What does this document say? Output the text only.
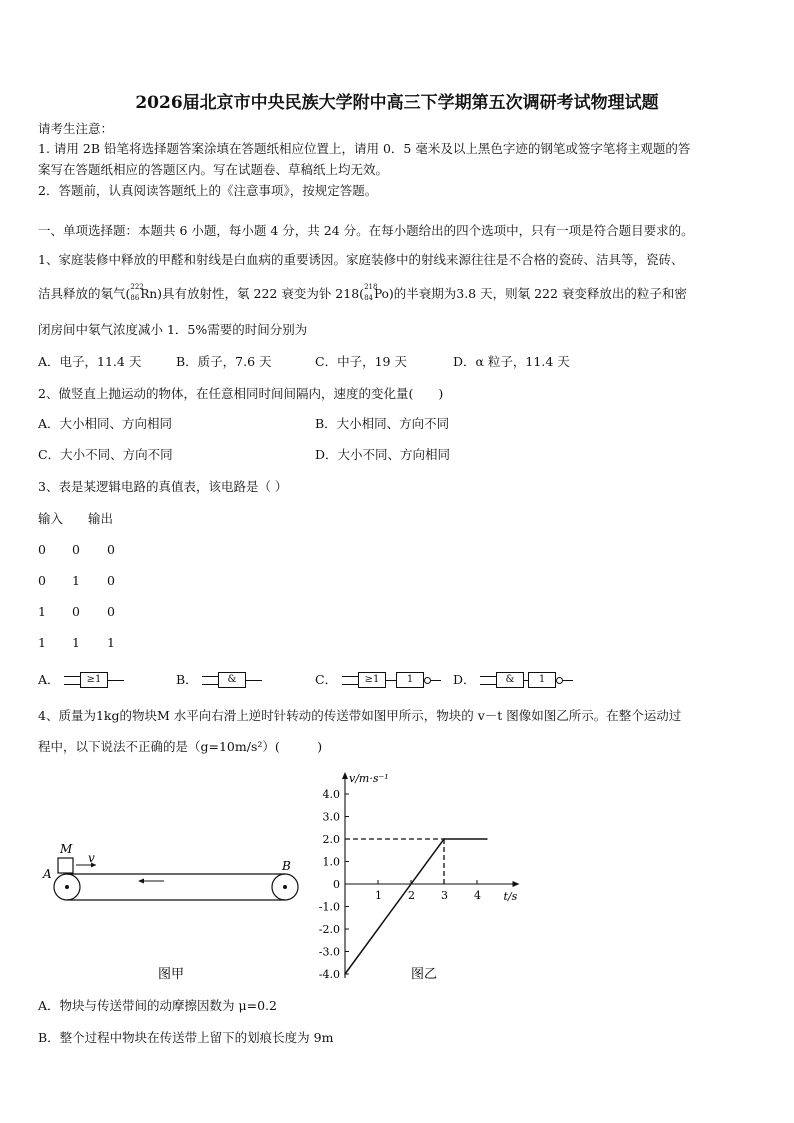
2026届北京市中央民族大学附中高三下学期第五次调研考试物理试题
请考生注意：
1. 请用 2B 铅笔将选择题答案涂填在答题纸相应位置上，请用 0．5 毫米及以上黑色字迹的钢笔或签字笔将主观题的答
案写在答题纸相应的答题区内。写在试题卷、草稿纸上均无效。
2．答题前，认真阅读答题纸上的《注意事项》，按规定答题。
一、单项选择题：本题共 6 小题，每小题 4 分，共 24 分。在每小题给出的四个选项中，只有一项是符合题目要求的。
1、家庭装修中释放的甲醛和射线是白血病的重要诱因。家庭装修中的射线来源往往是不合格的瓷砖、洁具等，瓷砖、
洁具释放的氡气( 222
86 Rn)具有放射性，氡 222 衰变为钋 218( 218
84 Po)的半衰期为3.8 天，则氡 222 衰变释放出的粒子和密
闭房间中氡气浓度减小 1．5%需要的时间分别为
A．电子，11.4 天	B．质子，7.6 天	C．中子，19 天	D．α 粒子，11.4 天
2、做竖直上抛运动的物体，在任意相同时间间隔内，速度的变化量(　　)
A．大小相同、方向相同	B．大小相同、方向不同
C．大小不同、方向不同	D．大小不同、方向相同
3、表是某逻辑电路的真值表，该电路是（ ）
输入 输出
0 0 0
0 1 0
1 0 0
1 1 1
A．	≥1	B．	&	C．	≥1	1	D．	&	1
4、质量为1kg的物块M 水平向右滑上逆时针转动的传送带如图甲所示，物块的 v－t 图像如图乙所示。在整个运动过
程中，以下说法不正确的是（g=10m/s²）(　　　)
M
v
A
B
图甲
v/m·s⁻¹
t/s
4.0
3.0
2.0
1.0
0
-1.0
-2.0
-3.0
-4.0
1 2 3 4
图乙
A．物块与传送带间的动摩擦因数为 μ=0.2
B．整个过程中物块在传送带上留下的划痕长度为 9m
